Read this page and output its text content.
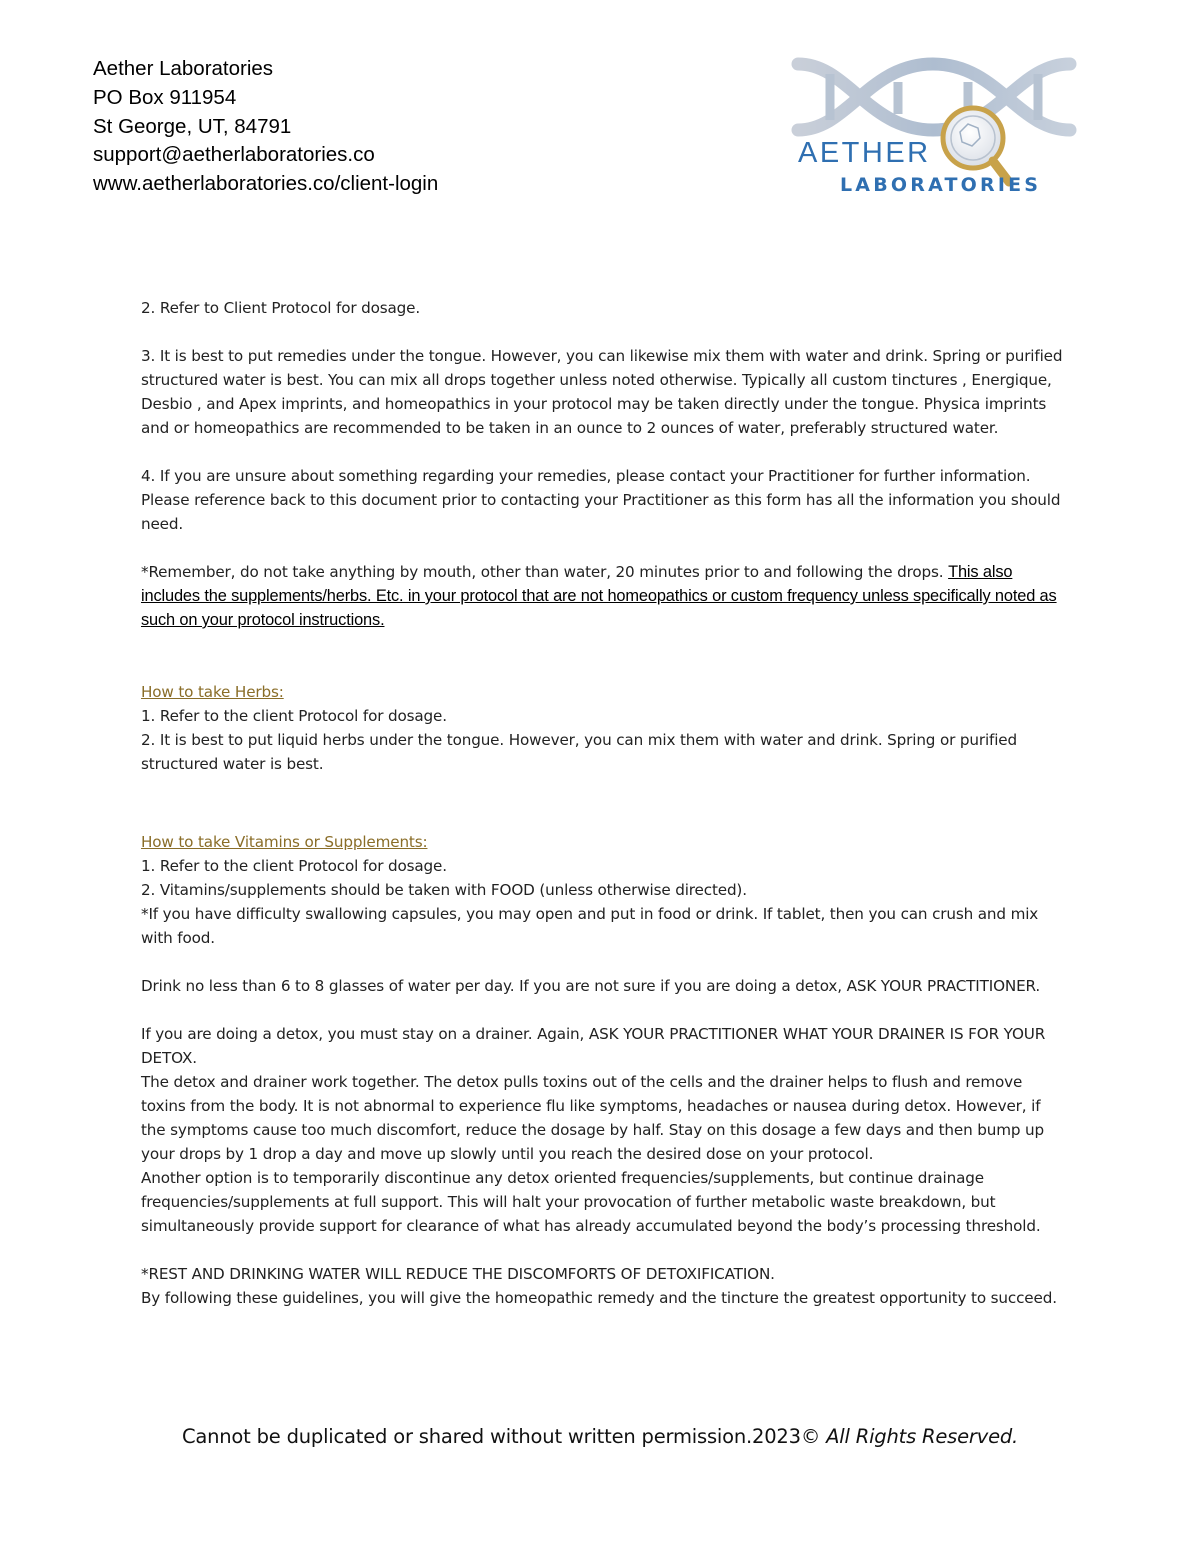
Aether Laboratories
PO Box 911954
St George, UT, 84791
support@aetherlaboratories.co
www.aetherlaboratories.co/client-login
AETHER
LABORATORIES

2. Refer to Client Protocol for dosage.

3. It is best to put remedies under the tongue. However, you can likewise mix them with water and drink. Spring or purified structured water is best. You can mix all drops together unless noted otherwise. Typically all custom tinctures , Energique, Desbio , and Apex imprints, and homeopathics in your protocol may be taken directly under the tongue. Physica imprints and or homeopathics are recommended to be taken in an ounce to 2 ounces of water, preferably structured water.

4. If you are unsure about something regarding your remedies, please contact your Practitioner for further information. Please reference back to this document prior to contacting your Practitioner as this form has all the information you should need.

*Remember, do not take anything by mouth, other than water, 20 minutes prior to and following the drops. This also includes the supplements/herbs. Etc. in your protocol that are not homeopathics or custom frequency unless specifically noted as such on your protocol instructions.

How to take Herbs:

1. Refer to the client Protocol for dosage.

2. It is best to put liquid herbs under the tongue. However, you can mix them with water and drink. Spring or purified structured water is best.

How to take Vitamins or Supplements:

1. Refer to the client Protocol for dosage.

2. Vitamins/supplements should be taken with FOOD (unless otherwise directed).

*If you have difficulty swallowing capsules, you may open and put in food or drink. If tablet, then you can crush and mix with food.

Drink no less than 6 to 8 glasses of water per day. If you are not sure if you are doing a detox, ASK YOUR PRACTITIONER.

If you are doing a detox, you must stay on a drainer. Again, ASK YOUR PRACTITIONER WHAT YOUR DRAINER IS FOR YOUR DETOX.

The detox and drainer work together. The detox pulls toxins out of the cells and the drainer helps to flush and remove toxins from the body. It is not abnormal to experience flu like symptoms, headaches or nausea during detox. However, if the symptoms cause too much discomfort, reduce the dosage by half. Stay on this dosage a few days and then bump up your drops by 1 drop a day and move up slowly until you reach the desired dose on your protocol.

Another option is to temporarily discontinue any detox oriented frequencies/supplements, but continue drainage frequencies/supplements at full support. This will halt your provocation of further metabolic waste breakdown, but simultaneously provide support for clearance of what has already accumulated beyond the body’s processing threshold.

*REST AND DRINKING WATER WILL REDUCE THE DISCOMFORTS OF DETOXIFICATION.

By following these guidelines, you will give the homeopathic remedy and the tincture the greatest opportunity to succeed.

Cannot be duplicated or shared without written permission.2023© All Rights Reserved.
